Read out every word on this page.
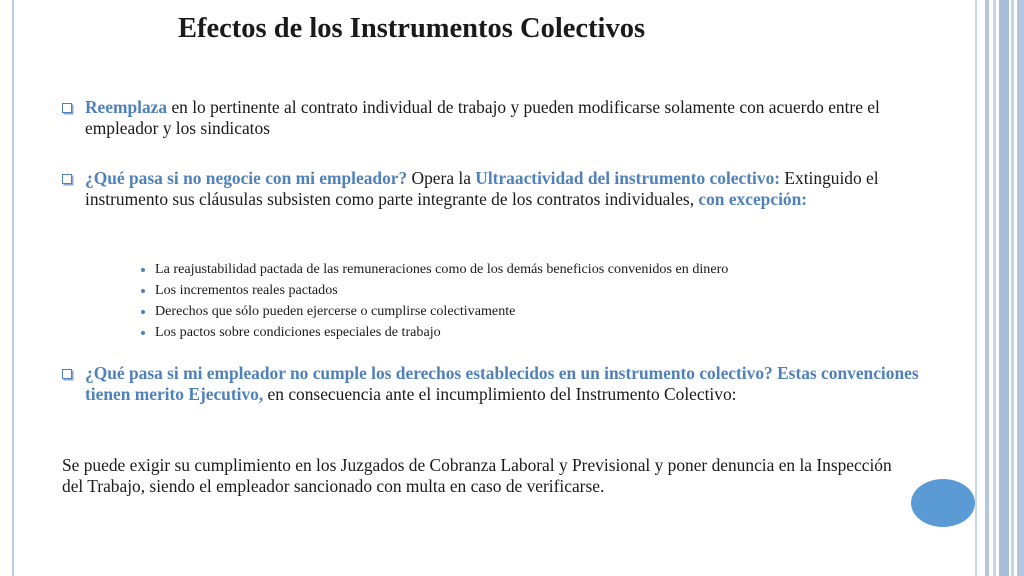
Efectos de los Instrumentos Colectivos
Reemplaza en lo pertinente al contrato individual de trabajo y pueden modificarse solamente con acuerdo entre el empleador y los sindicatos
¿Qué pasa si no negocie con mi empleador? Opera la Ultraactividad del instrumento colectivo: Extinguido el instrumento sus cláusulas subsisten como parte integrante de los contratos individuales, con excepción:
La reajustabilidad pactada de las remuneraciones como de los demás beneficios convenidos en dinero
Los incrementos reales pactados
Derechos que sólo pueden ejercerse o cumplirse colectivamente
Los pactos sobre condiciones especiales de trabajo
¿Qué pasa si mi empleador no cumple los derechos establecidos en un instrumento colectivo? Estas convenciones tienen merito Ejecutivo, en consecuencia ante el incumplimiento del Instrumento Colectivo:
Se puede exigir su cumplimiento en los Juzgados de Cobranza Laboral y Previsional y poner denuncia en la Inspección del Trabajo, siendo el empleador sancionado con multa en caso de verificarse.
